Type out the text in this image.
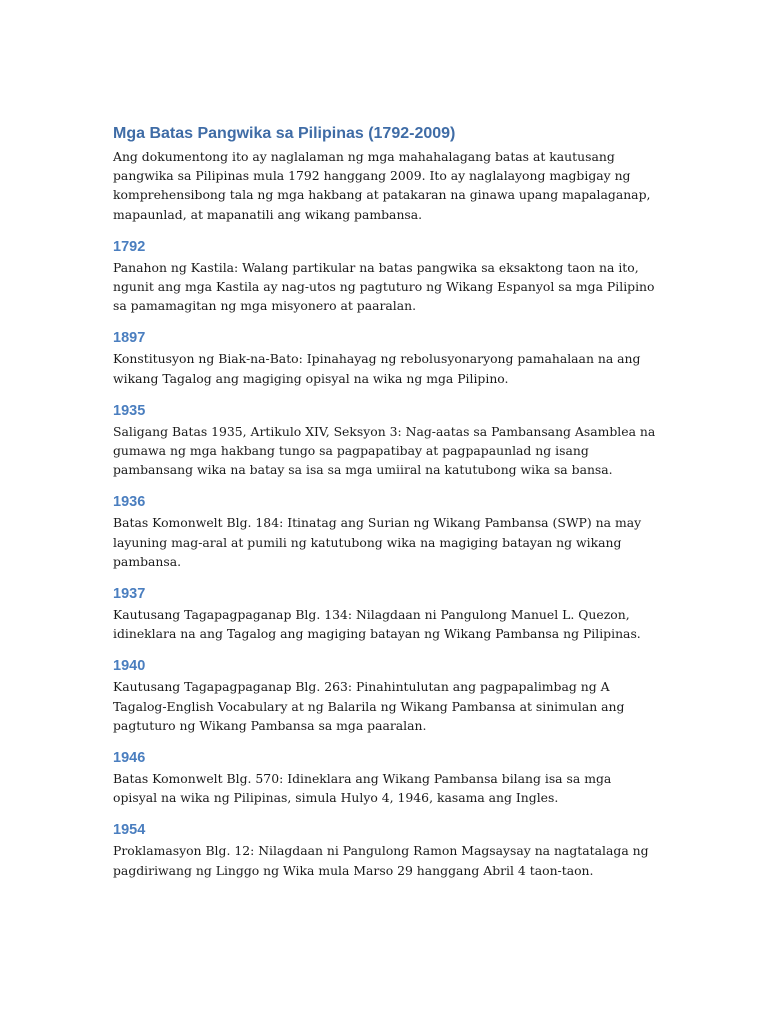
Mga Batas Pangwika sa Pilipinas (1792-2009)

Ang dokumentong ito ay naglalaman ng mga mahahalagang batas at kautusang pangwika sa Pilipinas mula 1792 hanggang 2009. Ito ay naglalayong magbigay ng komprehensibong tala ng mga hakbang at patakaran na ginawa upang mapalaganap, mapaunlad, at mapanatili ang wikang pambansa.

1792

Panahon ng Kastila: Walang partikular na batas pangwika sa eksaktong taon na ito, ngunit ang mga Kastila ay nag-utos ng pagtuturo ng Wikang Espanyol sa mga Pilipino sa pamamagitan ng mga misyonero at paaralan.

1897

Konstitusyon ng Biak-na-Bato: Ipinahayag ng rebolusyonaryong pamahalaan na ang wikang Tagalog ang magiging opisyal na wika ng mga Pilipino.

1935

Saligang Batas 1935, Artikulo XIV, Seksyon 3: Nag-aatas sa Pambansang Asamblea na gumawa ng mga hakbang tungo sa pagpapatibay at pagpapaunlad ng isang pambansang wika na batay sa isa sa mga umiiral na katutubong wika sa bansa.

1936

Batas Komonwelt Blg. 184: Itinatag ang Surian ng Wikang Pambansa (SWP) na may layuning mag-aral at pumili ng katutubong wika na magiging batayan ng wikang pambansa.

1937

Kautusang Tagapagpaganap Blg. 134: Nilagdaan ni Pangulong Manuel L. Quezon, idineklara na ang Tagalog ang magiging batayan ng Wikang Pambansa ng Pilipinas.

1940

Kautusang Tagapagpaganap Blg. 263: Pinahintulutan ang pagpapalimbag ng A Tagalog-English Vocabulary at ng Balarila ng Wikang Pambansa at sinimulan ang pagtuturo ng Wikang Pambansa sa mga paaralan.

1946

Batas Komonwelt Blg. 570: Idineklara ang Wikang Pambansa bilang isa sa mga opisyal na wika ng Pilipinas, simula Hulyo 4, 1946, kasama ang Ingles.

1954

Proklamasyon Blg. 12: Nilagdaan ni Pangulong Ramon Magsaysay na nagtatalaga ng pagdiriwang ng Linggo ng Wika mula Marso 29 hanggang Abril 4 taon-taon.
